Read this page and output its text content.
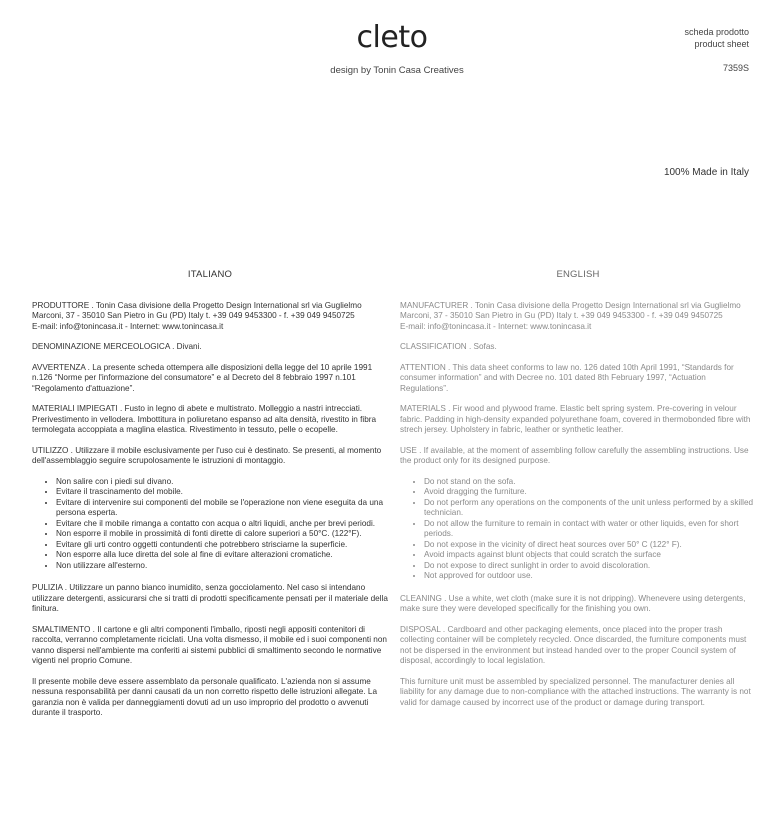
cleto
design by Tonin Casa Creatives
scheda prodotto
product sheet
7359S
100% Made in Italy
ITALIANO

PRODUTTORE . Tonin Casa divisione della Progetto Design International srl via Guglielmo Marconi, 37 - 35010 San Pietro in Gu (PD) Italy t. +39 049 9453300 - f. +39 049 9450725
E-mail: info@tonincasa.it - Internet: www.tonincasa.it

DENOMINAZIONE MERCEOLOGICA . Divani.

AVVERTENZA . La presente scheda ottempera alle disposizioni della legge del 10 aprile 1991 n.126 “Norme per l'informazione del consumatore” e al Decreto del 8 febbraio 1997 n.101 “Regolamento d'attuazione”.

MATERIALI IMPIEGATI . Fusto in legno di abete e multistrato. Molleggio a nastri intrecciati. Prerivestimento in vellodera. Imbottitura in poliuretano espanso ad alta densità, rivestito in fibra termolegata accoppiata a maglina elastica. Rivestimento in tessuto, pelle o ecopelle.

UTILIZZO . Utilizzare il mobile esclusivamente per l'uso cui è destinato. Se presenti, al momento dell'assemblaggio seguire scrupolosamente le istruzioni di montaggio.

• Non salire con i piedi sul divano.
• Evitare il trascinamento del mobile.
• Evitare di intervenire sui componenti del mobile se l'operazione non viene eseguita da una persona esperta.
• Evitare che il mobile rimanga a contatto con acqua o altri liquidi, anche per brevi periodi.
• Non esporre il mobile in prossimità di fonti dirette di calore superiori a 50°C. (122°F).
• Evitare gli urti contro oggetti contundenti che potrebbero strisciarne la superficie.
• Non esporre alla luce diretta del sole al fine di evitare alterazioni cromatiche.
• Non utilizzare all'esterno.

PULIZIA . Utilizzare un panno bianco inumidito, senza gocciolamento. Nel caso si intendano utilizzare detergenti, assicurarsi che si tratti di prodotti specificamente pensati per il materiale della finitura.

SMALTIMENTO . Il cartone e gli altri componenti l'imballo, riposti negli appositi contenitori di raccolta, verranno completamente riciclati. Una volta dismesso, il mobile ed i suoi componenti non vanno dispersi nell'ambiente ma conferiti ai sistemi pubblici di smaltimento secondo le normative vigenti nel proprio Comune.

Il presente mobile deve essere assemblato da personale qualificato. L'azienda non si assume nessuna responsabilità per danni causati da un non corretto rispetto delle istruzioni allegate. La garanzia non è valida per danneggiamenti dovuti ad un uso improprio del prodotto o avvenuti durante il trasporto.

ENGLISH

MANUFACTURER . Tonin Casa divisione della Progetto Design International srl via Guglielmo Marconi, 37 - 35010 San Pietro in Gu (PD) Italy t. +39 049 9453300 - f. +39 049 9450725
E-mail: info@tonincasa.it - Internet: www.tonincasa.it

CLASSIFICATION . Sofas.

ATTENTION . This data sheet conforms to law no. 126 dated 10th April 1991, “Standards for consumer information” and with Decree no. 101 dated 8th February 1997, “Actuation Regulations”.

MATERIALS . Fir wood and plywood frame. Elastic belt spring system. Pre-covering in velour fabric. Padding in high-density expanded polyurethane foam, covered in thermobonded fibre with strech jersey. Upholstery in fabric, leather or synthetic leather.

USE . If available, at the moment of assembling follow carefully the assembling instructions. Use the product only for its designed purpose.

• Do not stand on the sofa.
• Avoid dragging the furniture.
• Do not perform any operations on the components of the unit unless performed by a skilled technician.
• Do not allow the furniture to remain in contact with water or other liquids, even for short periods.
• Do not expose in the vicinity of direct heat sources over 50° C (122° F).
• Avoid impacts against blunt objects that could scratch the surface
• Do not expose to direct sunlight in order to avoid discoloration.
• Not approved for outdoor use.

CLEANING . Use a white, wet cloth (make sure it is not dripping). Whenevere using detergents, make sure they were developed specifically for the finishing you own.

DISPOSAL . Cardboard and other packaging elements, once placed into the proper trash collecting container will be completely recycled. Once discarded, the furniture components must not be dispersed in the environment but instead handed over to the proper Council system of disposal, accordingly to local legislation.

This furniture unit must be assembled by specialized personnel. The manufacturer denies all liability for any damage due to non-compliance with the attached instructions. The warranty is not valid for damage caused by incorrect use of the product or damage during transport.
